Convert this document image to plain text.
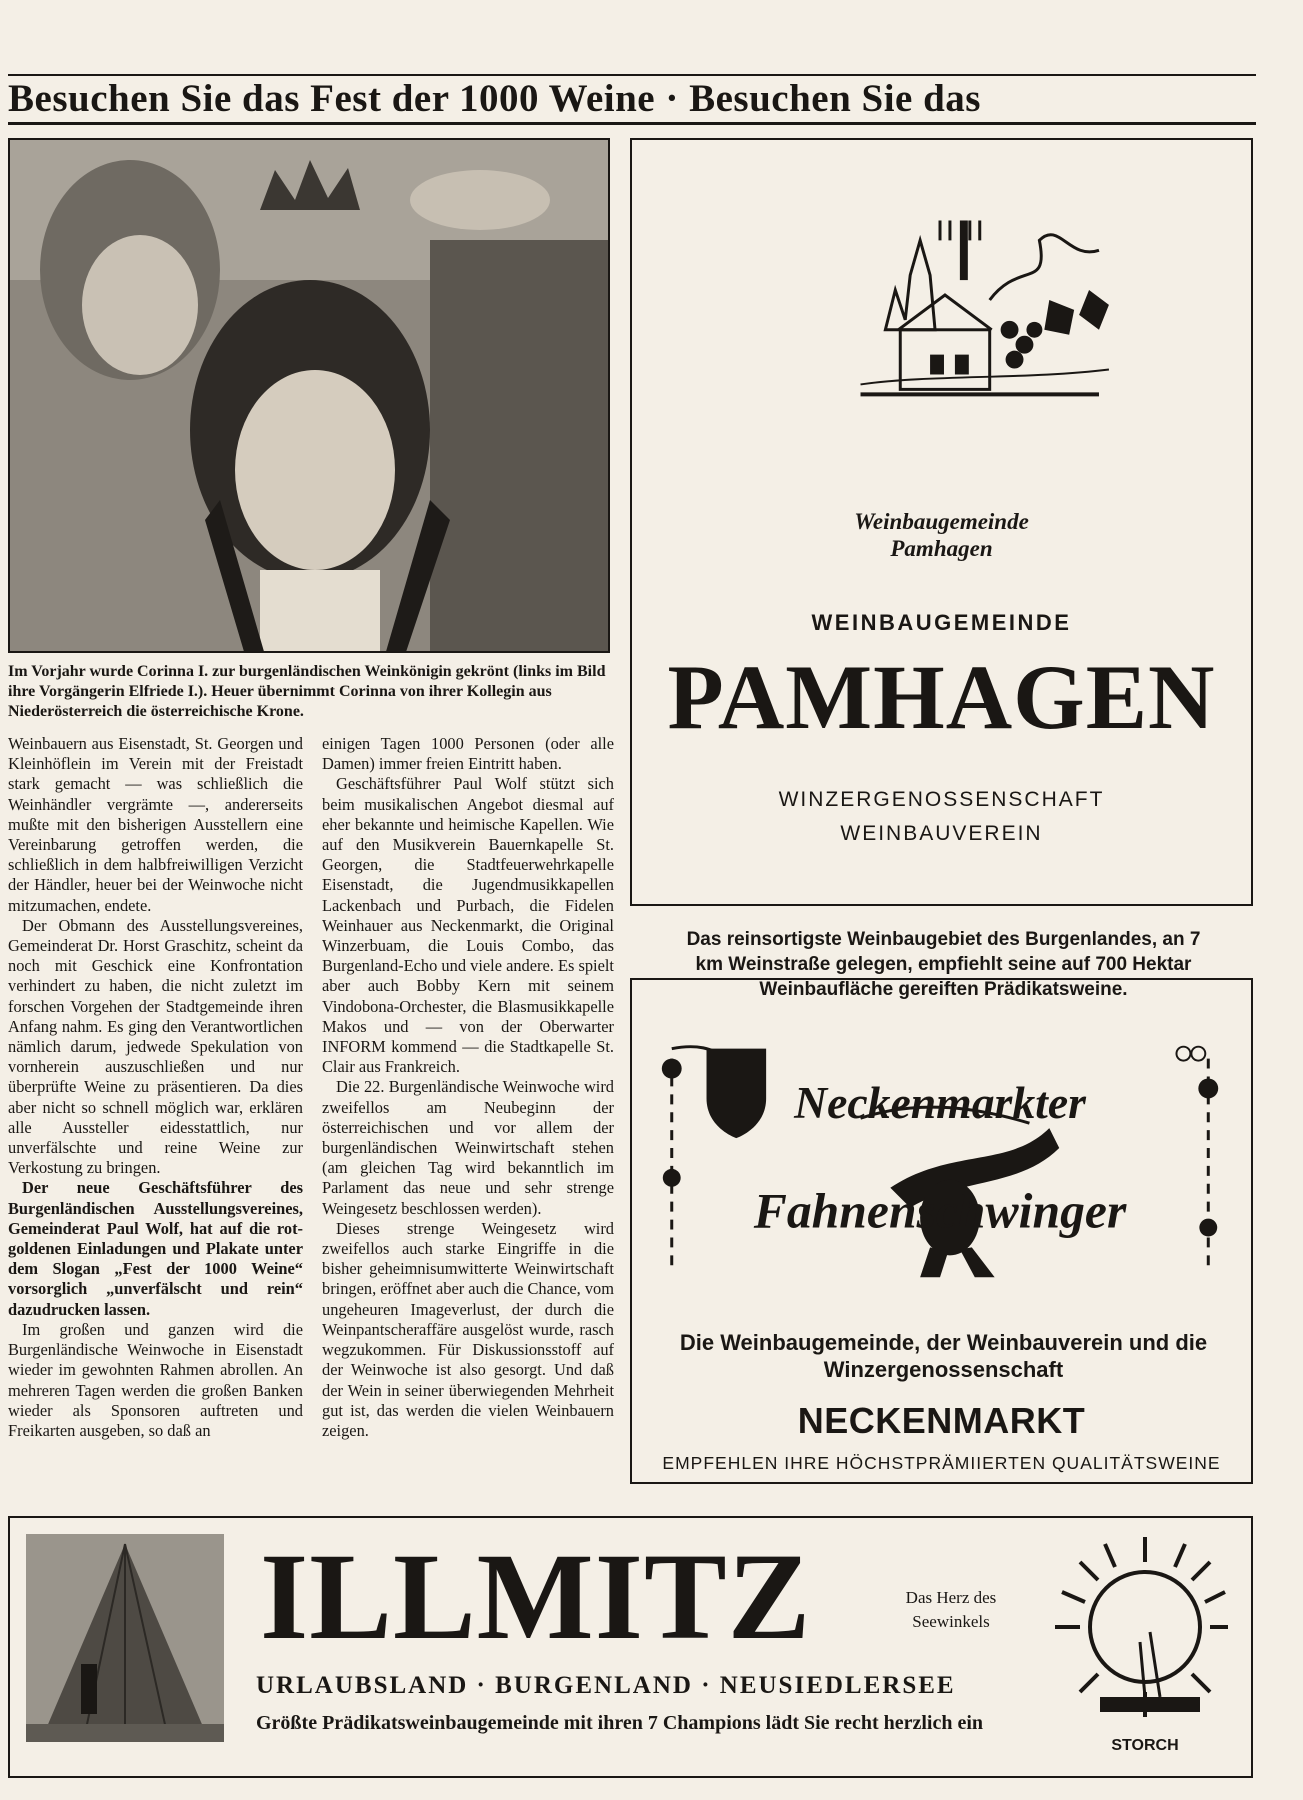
Besuchen Sie das Fest der 1000 Weine · Besuchen Sie das
Im Vorjahr wurde Corinna I. zur burgenländischen Weinkönigin gekrönt (links im Bild ihre Vorgängerin Elfriede I.). Heuer übernimmt Corinna von ihrer Kollegin aus Niederösterreich die österreichische Krone.

Weinbauern aus Eisenstadt, St. Georgen und Kleinhöflein im Verein mit der Freistadt stark gemacht — was schließlich die Weinhändler vergrämte —, andererseits mußte mit den bisherigen Ausstellern eine Vereinbarung getroffen werden, die schließlich in dem halbfreiwilligen Verzicht der Händler, heuer bei der Weinwoche nicht mitzumachen, endete.

Der Obmann des Ausstellungsvereines, Gemeinderat Dr. Horst Graschitz, scheint da noch mit Geschick eine Konfrontation verhindert zu haben, die nicht zuletzt im forschen Vorgehen der Stadtgemeinde ihren Anfang nahm. Es ging den Verantwortlichen nämlich darum, jedwede Spekulation von vornherein auszuschließen und nur überprüfte Weine zu präsentieren. Da dies aber nicht so schnell möglich war, erklären alle Aussteller eidesstattlich, nur unverfälschte und reine Weine zur Verkostung zu bringen.

Der neue Geschäftsführer des Burgenländischen Ausstellungsvereines, Gemeinderat Paul Wolf, hat auf die rot-goldenen Einladungen und Plakate unter dem Slogan „Fest der 1000 Weine“ vorsorglich „unverfälscht und rein“ dazudrucken lassen.

Im großen und ganzen wird die Burgenländische Weinwoche in Eisenstadt wieder im gewohnten Rahmen abrollen. An mehreren Tagen werden die großen Banken wieder als Sponsoren auftreten und Freikarten ausgeben, so daß an

einigen Tagen 1000 Personen (oder alle Damen) immer freien Eintritt haben.

Geschäftsführer Paul Wolf stützt sich beim musikalischen Angebot diesmal auf eher bekannte und heimische Kapellen. Wie auf den Musikverein Bauernkapelle St. Georgen, die Stadtfeuerwehrkapelle Eisenstadt, die Jugendmusikkapellen Lackenbach und Purbach, die Fidelen Weinhauer aus Neckenmarkt, die Original Winzerbuam, die Louis Combo, das Burgenland-Echo und viele andere. Es spielt aber auch Bobby Kern mit seinem Vindobona-Orchester, die Blasmusikkapelle Makos und — von der Oberwarter INFORM kommend — die Stadtkapelle St. Clair aus Frankreich.

Die 22. Burgenländische Weinwoche wird zweifellos am Neubeginn der österreichischen und vor allem der burgenländischen Weinwirtschaft stehen (am gleichen Tag wird bekanntlich im Parlament das neue und sehr strenge Weingesetz beschlossen werden).

Dieses strenge Weingesetz wird zweifellos auch starke Eingriffe in die bisher geheimnisumwitterte Weinwirtschaft bringen, eröffnet aber auch die Chance, vom ungeheuren Imageverlust, der durch die Weinpantscheraffäre ausgelöst wurde, rasch wegzukommen. Für Diskussionsstoff auf der Weinwoche ist also gesorgt. Und daß der Wein in seiner überwiegenden Mehrheit gut ist, das werden die vielen Weinbauern zeigen.

Weinbaugemeinde
Pamhagen
WEINBAUGEMEINDE
PAMHAGEN
WINZERGENOSSENSCHAFT
WEINBAUVEREIN
Das reinsortigste Weinbaugebiet des Burgenlandes, an 7 km Weinstraße gelegen, empfiehlt seine auf 700 Hektar Weinbaufläche gereiften Prädikatsweine.
Neckenmarkter
Fahnenschwinger
Die Weinbaugemeinde, der Weinbauverein und die Winzergenossenschaft
NECKENMARKT
EMPFEHLEN IHRE HÖCHSTPRÄMIIERTEN QUALITÄTSWEINE
ILLMITZ	Das Herz des
Seewinkels
URLAUBSLAND · BURGENLAND · NEUSIEDLERSEE
Größte Prädikatsweinbaugemeinde mit ihren 7 Champions lädt Sie recht herzlich ein
STORCH
